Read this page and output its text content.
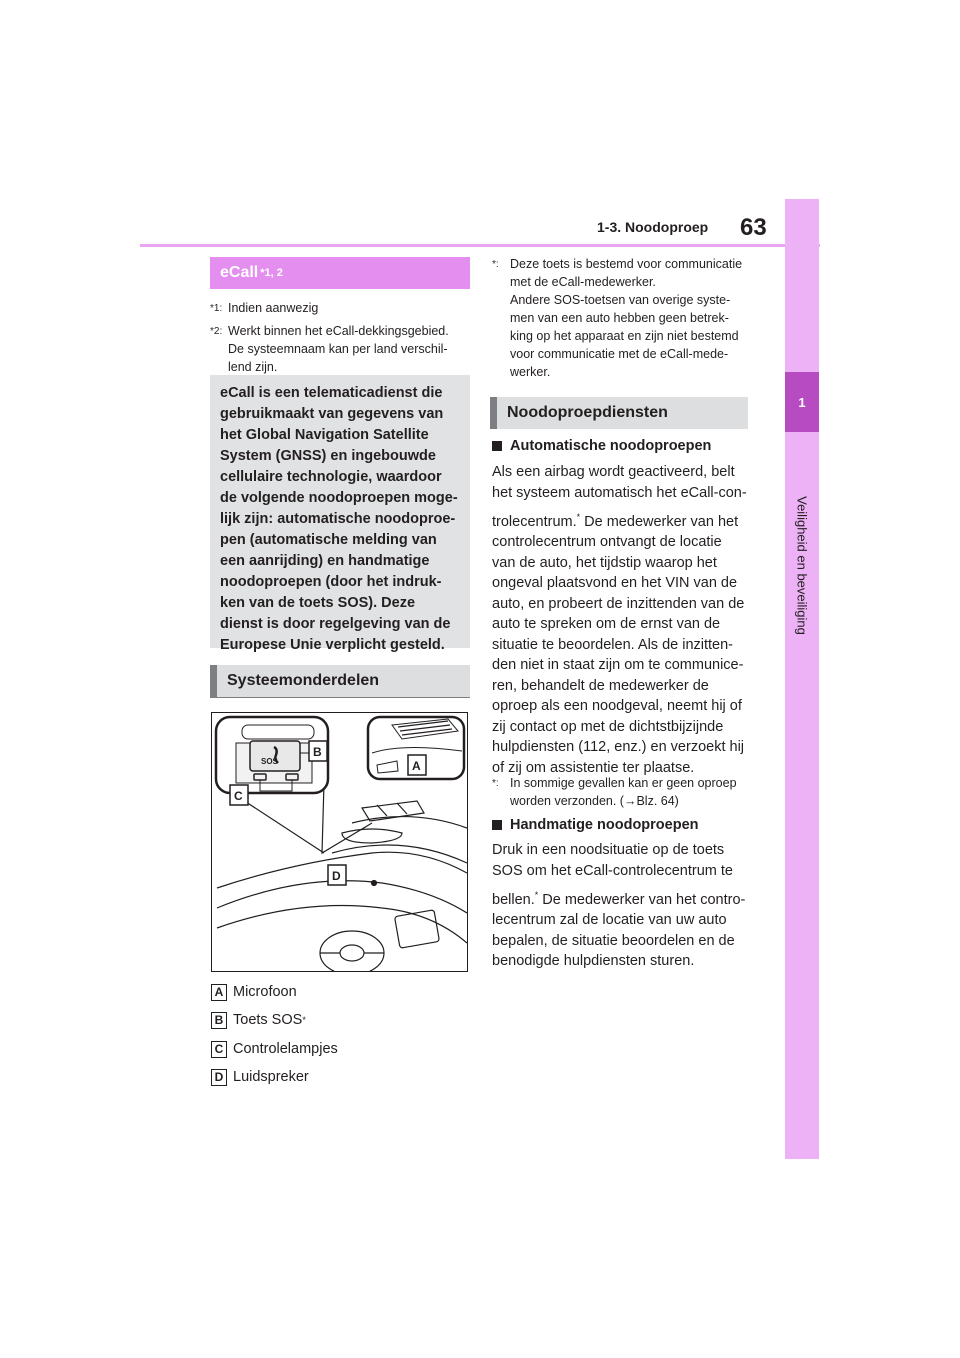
1-3. Noodoproep 63
1
Veiligheid en beveiliging
eCall *1, 2
*1: Indien aanwezig
*2: Werkt binnen het eCall-dekkingsgebied.
De systeemnaam kan per land verschil-
lend zijn.
eCall is een telematicadienst die
gebruikmaakt van gegevens van
het Global Navigation Satellite
System (GNSS) en ingebouwde
cellulaire technologie, waardoor
de volgende noodoproepen moge-
lijk zijn: automatische noodoproe-
pen (automatische melding van
een aanrijding) en handmatige
noodoproepen (door het indruk-
ken van de toets SOS). Deze
dienst is door regelgeving van de
Europese Unie verplicht gesteld.
Systeemonderdelen
SOS
B
A
C
D
A Microfoon
B Toets SOS *
C Controlelampjes
D Luidspreker
*: Deze toets is bestemd voor communicatie
met de eCall-medewerker.
Andere SOS-toetsen van overige syste-
men van een auto hebben geen betrek-
king op het apparaat en zijn niet bestemd
voor communicatie met de eCall-mede-
werker.
Noodoproepdiensten
Automatische noodoproepen
Als een airbag wordt geactiveerd, belt
het systeem automatisch het eCall-con-
trolecentrum.* De medewerker van het
controlecentrum ontvangt de locatie
van de auto, het tijdstip waarop het
ongeval plaatsvond en het VIN van de
auto, en probeert de inzittenden van de
auto te spreken om de ernst van de
situatie te beoordelen. Als de inzitten-
den niet in staat zijn om te communice-
ren, behandelt de medewerker de
oproep als een noodgeval, neemt hij of
zij contact op met de dichtstbijzijnde
hulpdiensten (112, enz.) en verzoekt hij
of zij om assistentie ter plaatse.
*: In sommige gevallen kan er geen oproep
worden verzonden. (→Blz. 64)
Handmatige noodoproepen
Druk in een noodsituatie op de toets
SOS om het eCall-controlecentrum te
bellen.* De medewerker van het contro-
lecentrum zal de locatie van uw auto
bepalen, de situatie beoordelen en de
benodigde hulpdiensten sturen.
